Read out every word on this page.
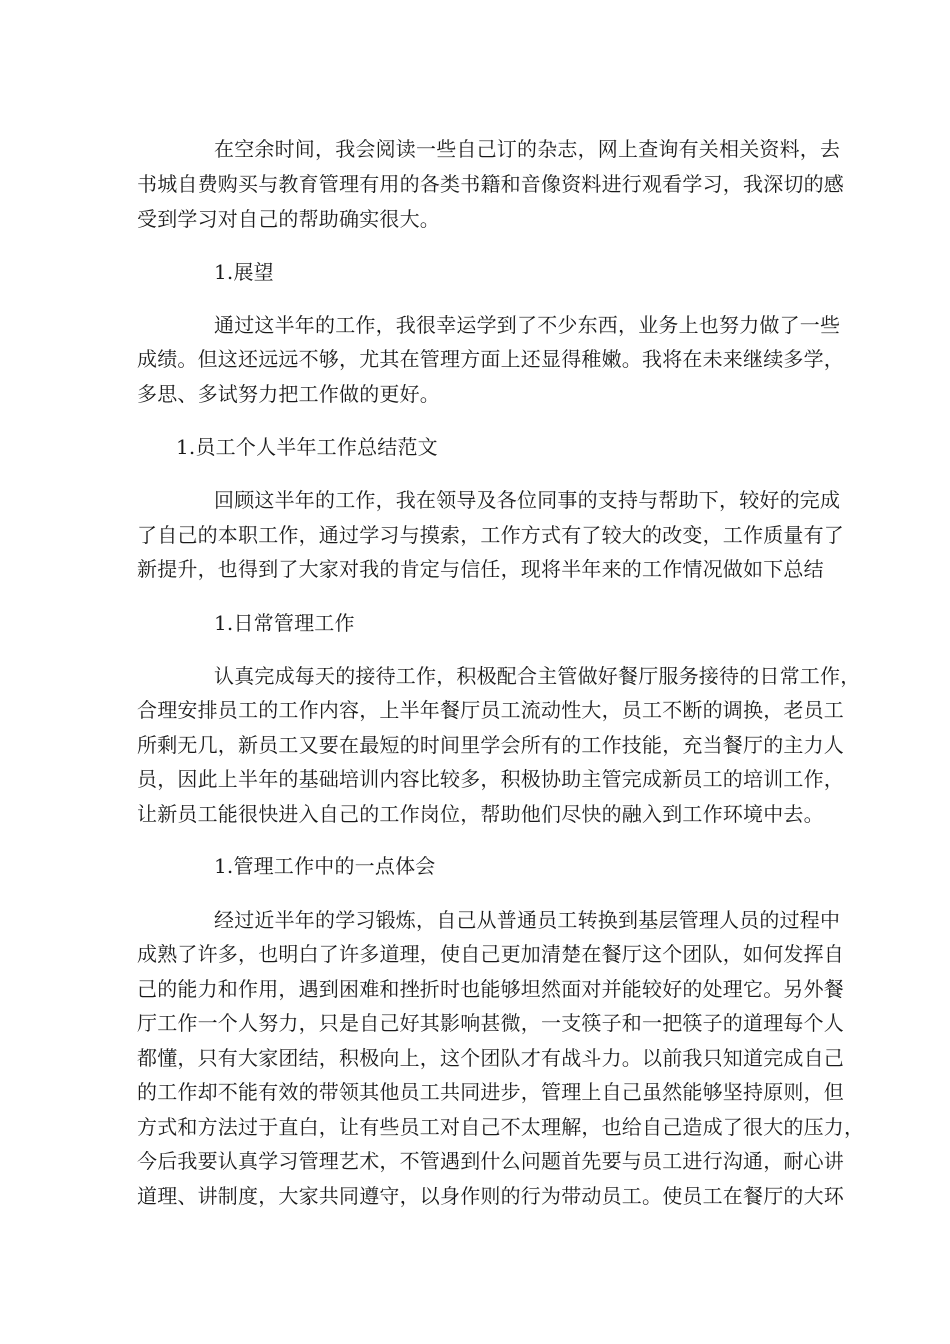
在空余时间，我会阅读一些自己订的杂志，网上查询有关相关资料，去
书城自费购买与教育管理有用的各类书籍和音像资料进行观看学习，我深切的感
受到学习对自己的帮助确实很大。
1.展望
通过这半年的工作，我很幸运学到了不少东西，业务上也努力做了一些
成绩。但这还远远不够，尤其在管理方面上还显得稚嫩。我将在未来继续多学，
多思、多试努力把工作做的更好。
1.员工个人半年工作总结范文
回顾这半年的工作，我在领导及各位同事的支持与帮助下，较好的完成
了自己的本职工作，通过学习与摸索，工作方式有了较大的改变，工作质量有了
新提升，也得到了大家对我的肯定与信任，现将半年来的工作情况做如下总结
1.日常管理工作
认真完成每天的接待工作，积极配合主管做好餐厅服务接待的日常工作，
合理安排员工的工作内容，上半年餐厅员工流动性大，员工不断的调换，老员工
所剩无几，新员工又要在最短的时间里学会所有的工作技能，充当餐厅的主力人
员，因此上半年的基础培训内容比较多，积极协助主管完成新员工的培训工作，
让新员工能很快进入自己的工作岗位，帮助他们尽快的融入到工作环境中去。
1.管理工作中的一点体会
经过近半年的学习锻炼，自己从普通员工转换到基层管理人员的过程中
成熟了许多，也明白了许多道理，使自己更加清楚在餐厅这个团队，如何发挥自
己的能力和作用，遇到困难和挫折时也能够坦然面对并能较好的处理它。另外餐
厅工作一个人努力，只是自己好其影响甚微，一支筷子和一把筷子的道理每个人
都懂，只有大家团结，积极向上，这个团队才有战斗力。以前我只知道完成自己
的工作却不能有效的带领其他员工共同进步，管理上自己虽然能够坚持原则，但
方式和方法过于直白，让有些员工对自己不太理解，也给自己造成了很大的压力，
今后我要认真学习管理艺术，不管遇到什么问题首先要与员工进行沟通，耐心讲
道理、讲制度，大家共同遵守，以身作则的行为带动员工。使员工在餐厅的大环
